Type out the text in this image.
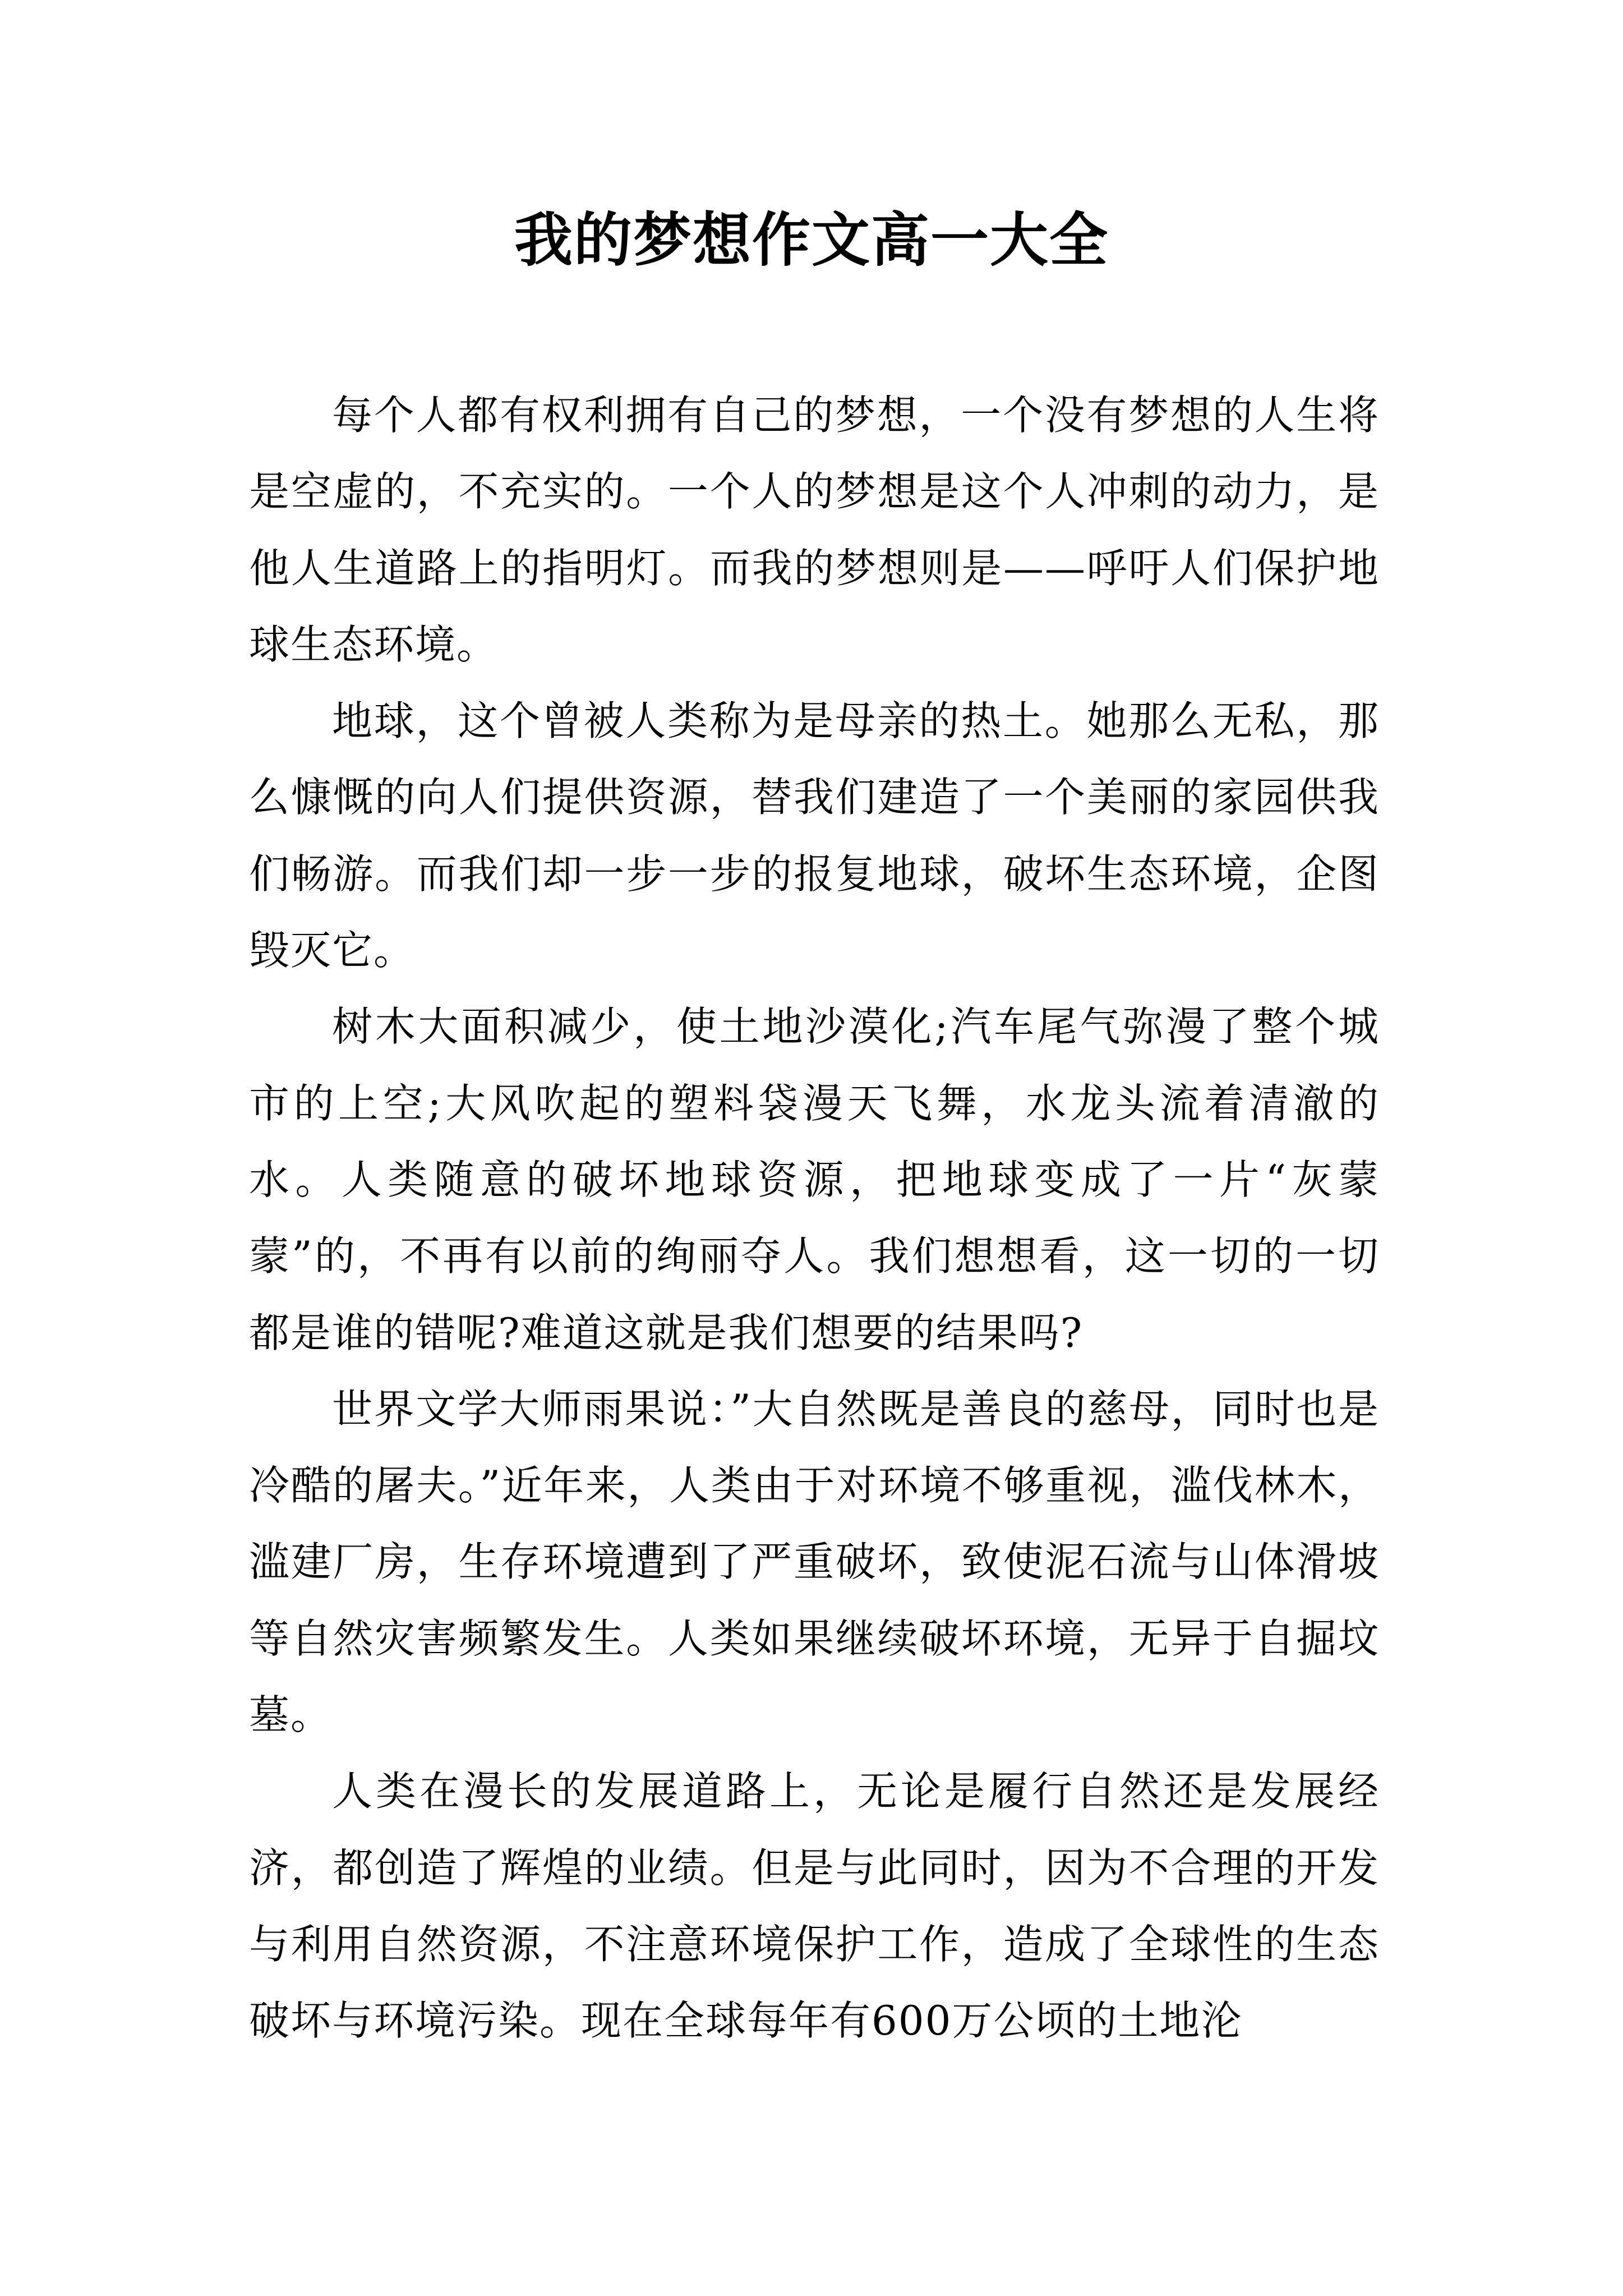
我的梦想作文高一大全

每个人都有权利拥有自己的梦想，一个没有梦想的人生将是空虚的，不充实的。一个人的梦想是这个人冲刺的动力，是他人生道路上的指明灯。而我的梦想则是——呼吁人们保护地球生态环境。

地球，这个曾被人类称为是母亲的热土。她那么无私，那么慷慨的向人们提供资源，替我们建造了一个美丽的家园供我们畅游。而我们却一步一步的报复地球，破坏生态环境，企图毁灭它。

树木大面积减少，使土地沙漠化;汽车尾气弥漫了整个城市的上空;大风吹起的塑料袋漫天飞舞，水龙头流着清澈的水。人类随意的破坏地球资源，把地球变成了一片“灰蒙蒙”的，不再有以前的绚丽夺人。我们想想看，这一切的一切都是谁的错呢?难道这就是我们想要的结果吗?

世界文学大师雨果说：”大自然既是善良的慈母，同时也是冷酷的屠夫。”近年来，人类由于对环境不够重视，滥伐林木，滥建厂房，生存环境遭到了严重破坏，致使泥石流与山体滑坡等自然灾害频繁发生。人类如果继续破坏环境，无异于自掘坟墓。

人类在漫长的发展道路上，无论是履行自然还是发展经济，都创造了辉煌的业绩。但是与此同时，因为不合理的开发与利用自然资源，不注意环境保护工作，造成了全球性的生态破坏与环境污染。现在全球每年有600万公顷的土地沦
